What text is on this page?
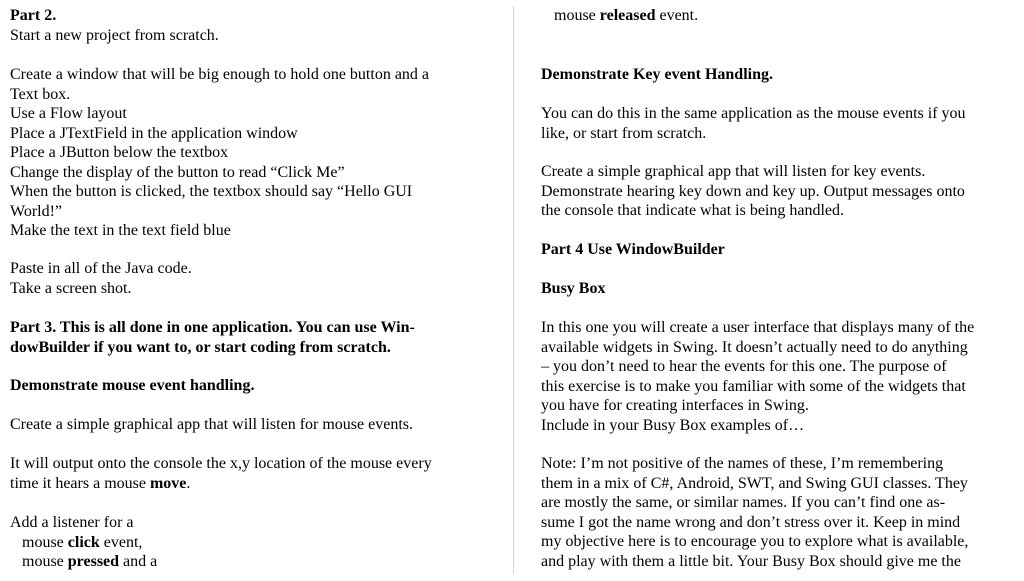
Part 2.
Start a new project from scratch.
Create a window that will be big enough to hold one button and a
Text box.
Use a Flow layout
Place a JTextField in the application window
Place a JButton below the textbox
Change the display of the button to read “Click Me”
When the button is clicked, the textbox should say “Hello GUI
World!”
Make the text in the text field blue
Paste in all of the Java code.
Take a screen shot.
Part 3. This is all done in one application. You can use Win-
dowBuilder if you want to, or start coding from scratch.
Demonstrate mouse event handling.
Create a simple graphical app that will listen for mouse events.
It will output onto the console the x,y location of the mouse every
time it hears a mouse move.
Add a listener for a
mouse click event,
mouse pressed and a
mouse released event.
Demonstrate Key event Handling.
You can do this in the same application as the mouse events if you
like, or start from scratch.
Create a simple graphical app that will listen for key events.
Demonstrate hearing key down and key up. Output messages onto
the console that indicate what is being handled.
Part 4 Use WindowBuilder
Busy Box
In this one you will create a user interface that displays many of the
available widgets in Swing. It doesn’t actually need to do anything
– you don’t need to hear the events for this one. The purpose of
this exercise is to make you familiar with some of the widgets that
you have for creating interfaces in Swing.
Include in your Busy Box examples of…
Note: I’m not positive of the names of these, I’m remembering
them in a mix of C#, Android, SWT, and Swing GUI classes. They
are mostly the same, or similar names. If you can’t find one as-
sume I got the name wrong and don’t stress over it. Keep in mind
my objective here is to encourage you to explore what is available,
and play with them a little bit. Your Busy Box should give me the
